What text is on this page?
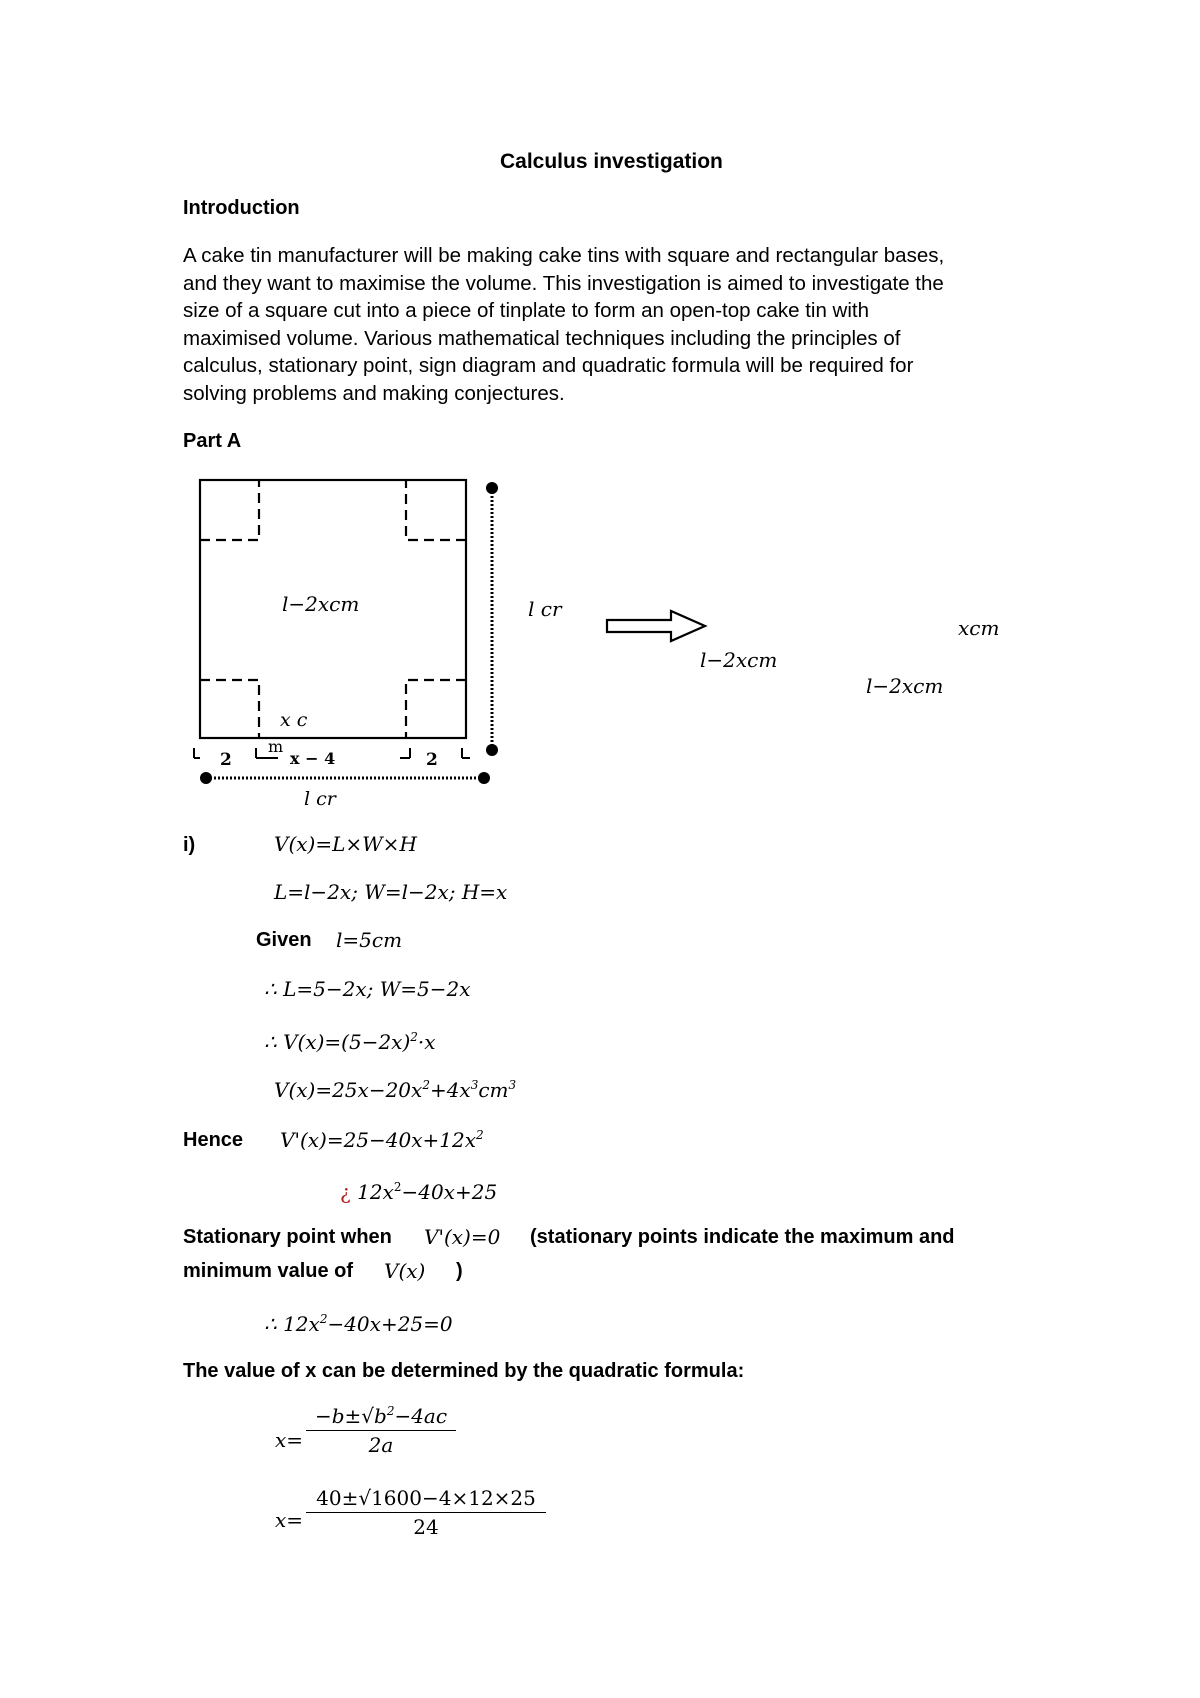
Calculus investigation
Introduction
A cake tin manufacturer will be making cake tins with square and rectangular bases,
and they want to maximise the volume. This investigation is aimed to investigate the
size of a square cut into a piece of tinplate to form an open-top cake tin with
maximised volume. Various mathematical techniques including the principles of
calculus, stationary point, sign diagram and quadratic formula will be required for
solving problems and making conjectures.
Part A
2	x − 4	2
m
l−2xcm
x c
l cr
l cr
xcm
l−2xcm
l−2xcm
i)	V(x)=L×W×H
L=l−2x; W=l−2x; H=x
Given l=5cm
∴ L=5−2x; W=5−2x
∴ $V(x)=(5-2x)^2\cdot x$
$V(x)=25x-20x^2+4x^3cm^3$
Hence $V'(x)=25-40x+12x^2$
¿ $12x^2-40x+25$
Stationary point when V'(x)=0 (stationary points indicate the maximum and
minimum value of V(x) )
∴ $12x^2-40x+25=0$
The value of x can be determined by the quadratic formula:
$x= \frac{-b\pm√b^2-4ac}{2a}$
$x= \frac{40\pm√1600-4\times 12\times 25}{24}$
